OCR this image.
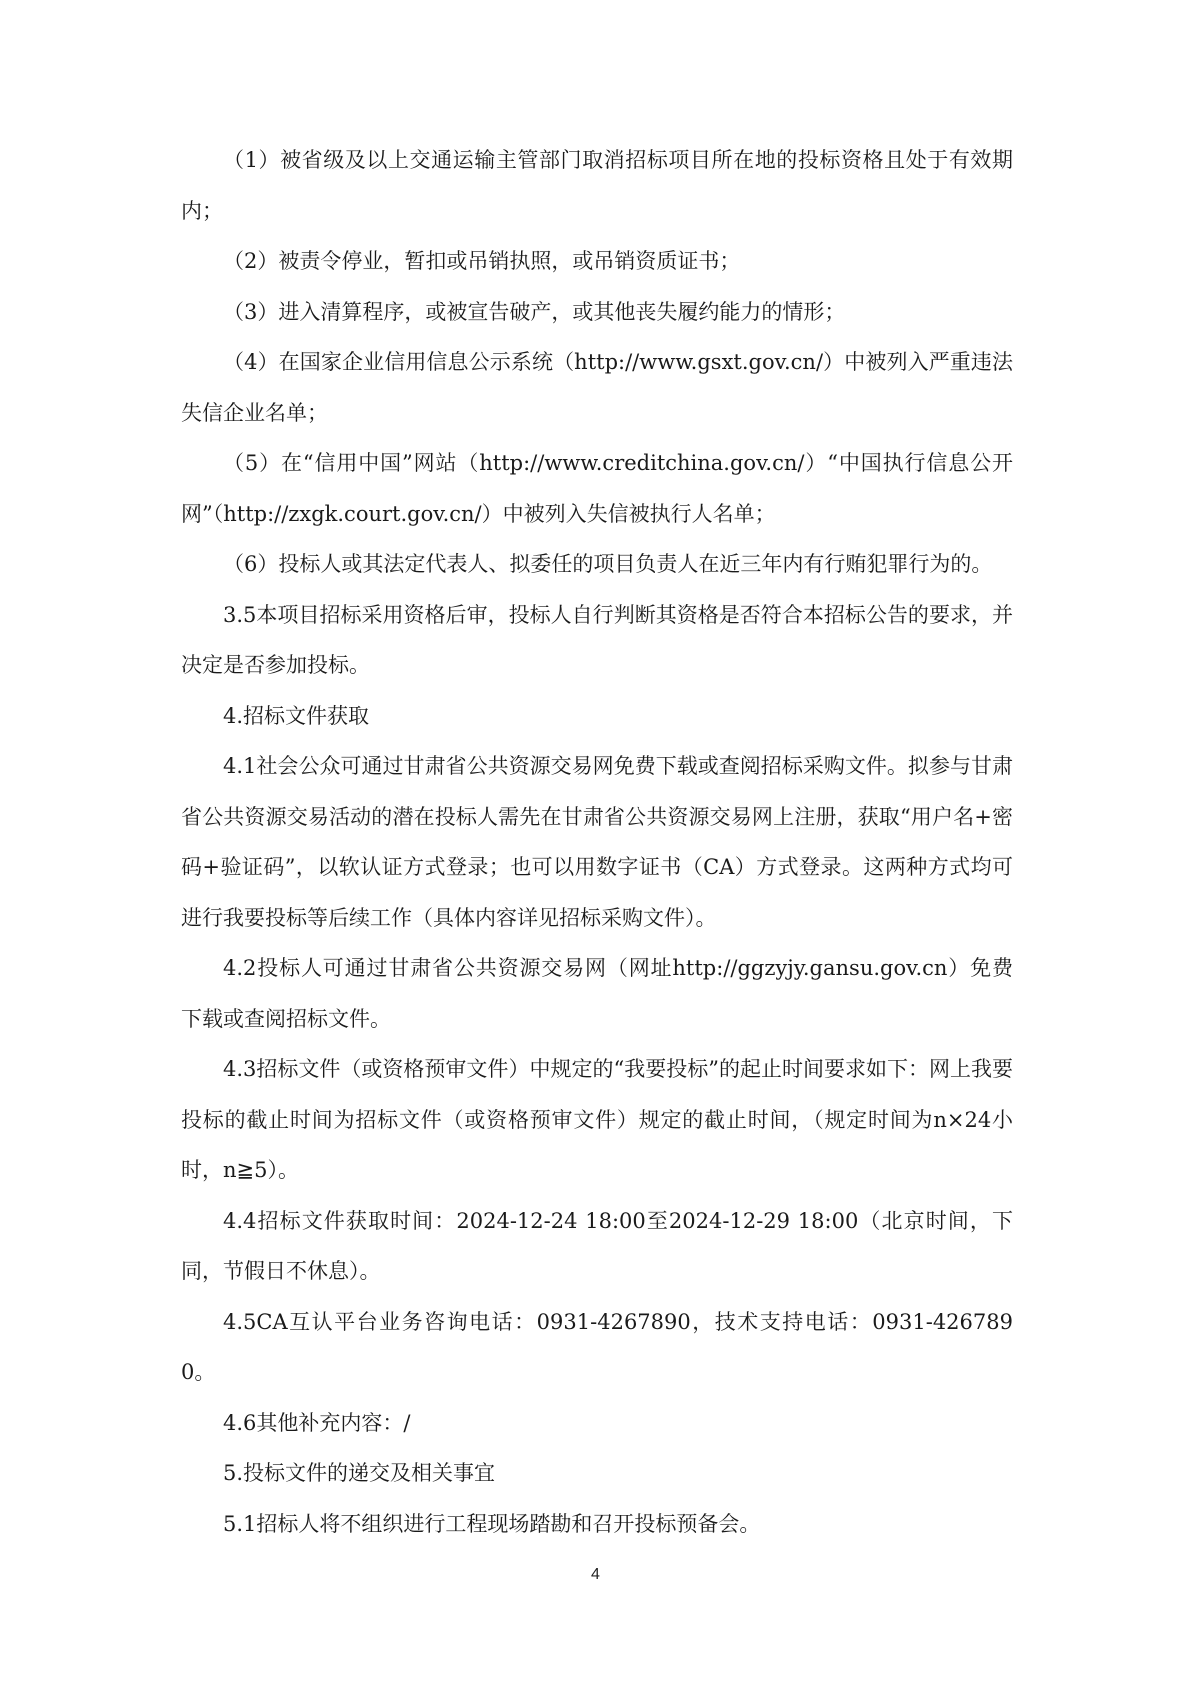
（1）被省级及以上交通运输主管部门取消招标项目所在地的投标资格且处于有效期内；

（2）被责令停业，暂扣或吊销执照，或吊销资质证书；

（3）进入清算程序，或被宣告破产，或其他丧失履约能力的情形；

（4）在国家企业信用信息公示系统（http://www.gsxt.gov.cn/）中被列入严重违法失信企业名单；

（5）在“信用中国”网站（http://www.creditchina.gov.cn/）“中国执行信息公开网”（http://zxgk.court.gov.cn/）中被列入失信被执行人名单；

（6）投标人或其法定代表人、拟委任的项目负责人在近三年内有行贿犯罪行为的。

3.5本项目招标采用资格后审，投标人自行判断其资格是否符合本招标公告的要求，并决定是否参加投标。

4.招标文件获取

4.1社会公众可通过甘肃省公共资源交易网免费下载或查阅招标采购文件。拟参与甘肃省公共资源交易活动的潜在投标人需先在甘肃省公共资源交易网上注册，获取“用户名+密码+验证码”，以软认证方式登录；也可以用数字证书（CA）方式登录。这两种方式均可进行我要投标等后续工作（具体内容详见招标采购文件）。

4.2投标人可通过甘肃省公共资源交易网（网址http://ggzyjy.gansu.gov.cn）免费下载或查阅招标文件。

4.3招标文件（或资格预审文件）中规定的“我要投标”的起止时间要求如下：网上我要投标的截止时间为招标文件（或资格预审文件）规定的截止时间，（规定时间为n×24小时，n≧5）。

4.4招标文件获取时间：2024-12-24 18:00至2024-12-29 18:00（北京时间，下同，节假日不休息）。

4.5CA互认平台业务咨询电话：0931-4267890，技术支持电话：0931-4267890。

4.6其他补充内容：/

5.投标文件的递交及相关事宜

5.1招标人将不组织进行工程现场踏勘和召开投标预备会。

4
